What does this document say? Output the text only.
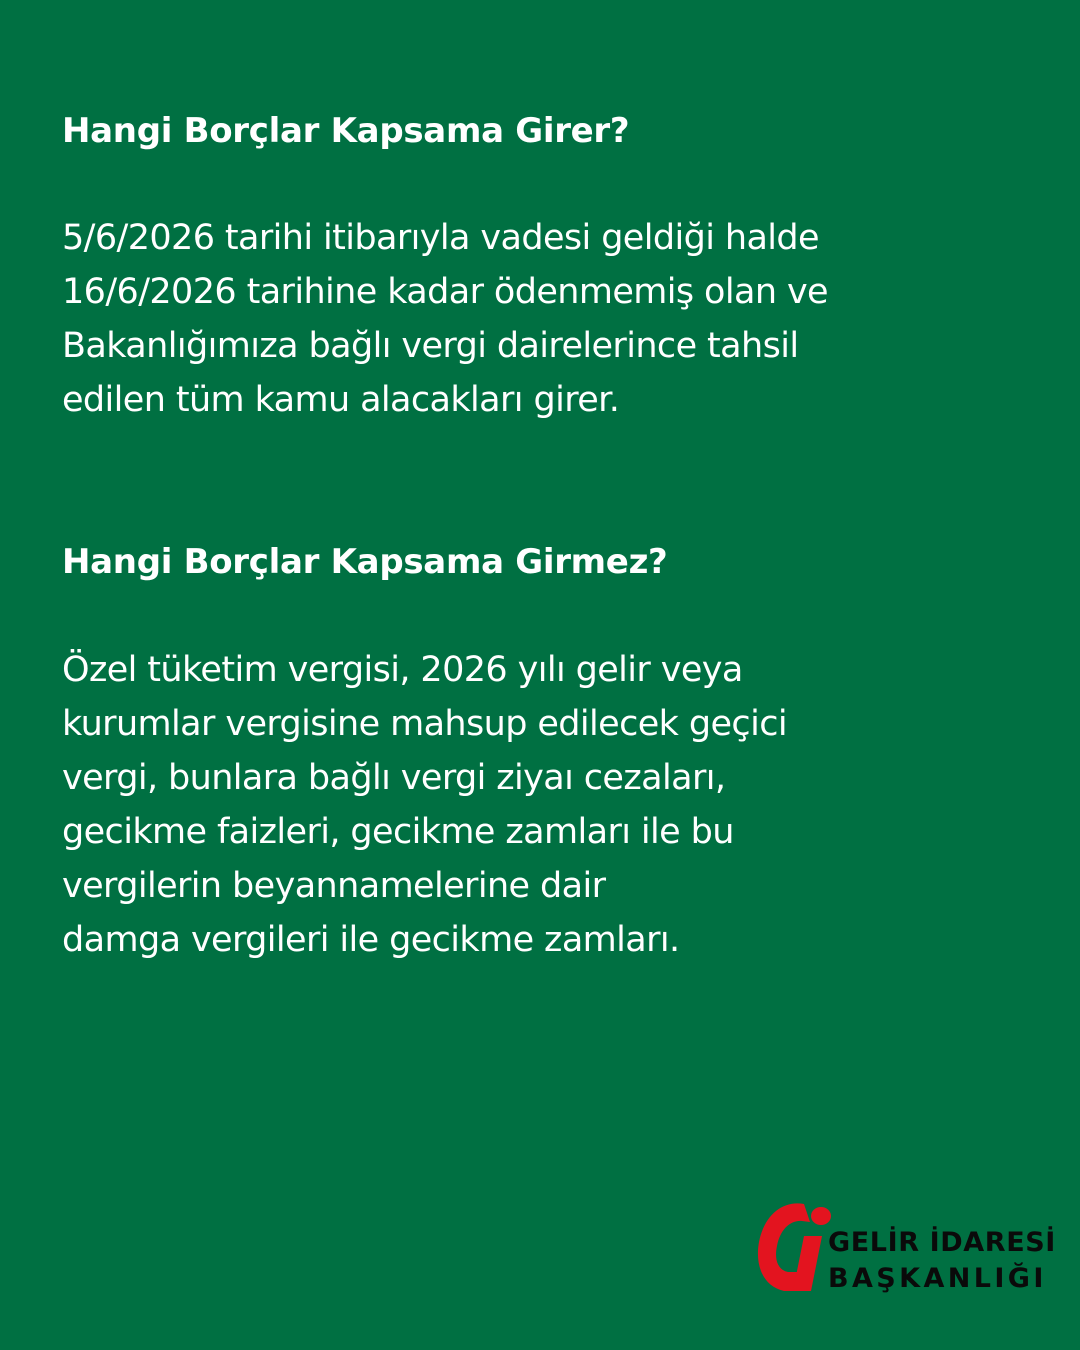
Hangi Borçlar Kapsama Girer?

5/6/2026 tarihi itibarıyla vadesi geldiği halde
16/6/2026 tarihine kadar ödenmemiş olan ve
Bakanlığımıza bağlı vergi dairelerince tahsil
edilen tüm kamu alacakları girer.

Hangi Borçlar Kapsama Girmez?

Özel tüketim vergisi, 2026 yılı gelir veya
kurumlar vergisine mahsup edilecek geçici
vergi, bunlara bağlı vergi ziyaı cezaları,
gecikme faizleri, gecikme zamları ile bu
vergilerin beyannamelerine dair
damga vergileri ile gecikme zamları.

GELİR İDARESİ
BAŞKANLIĞI
